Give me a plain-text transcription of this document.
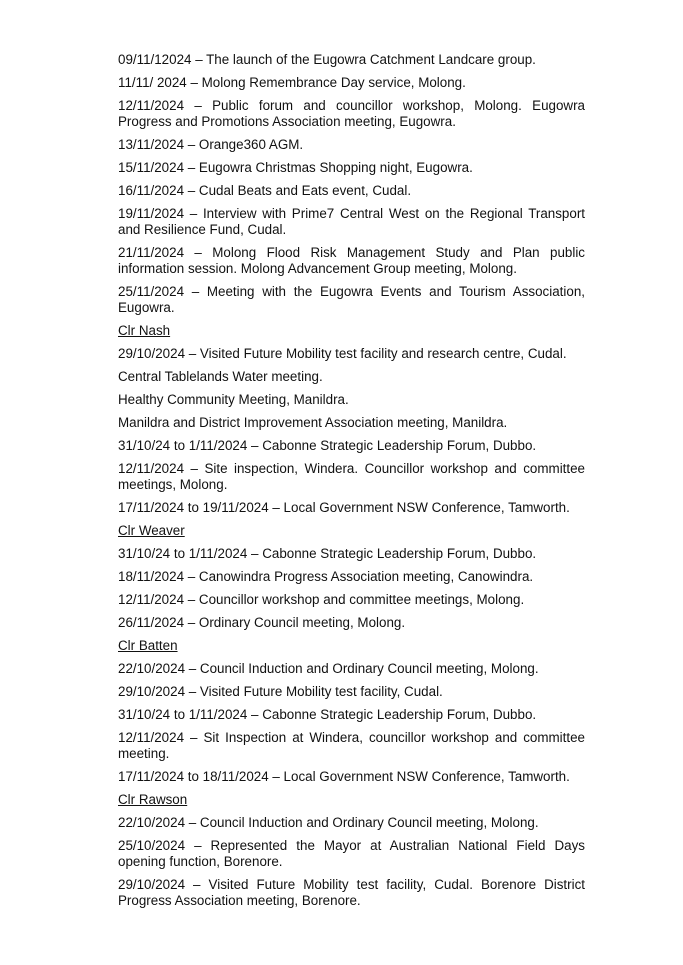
09/11/12024 – The launch of the Eugowra Catchment Landcare group.

11/11/ 2024 – Molong Remembrance Day service, Molong.

12/11/2024 – Public forum and councillor workshop, Molong. Eugowra Progress and Promotions Association meeting, Eugowra.

13/11/2024 – Orange360 AGM.

15/11/2024 – Eugowra Christmas Shopping night, Eugowra.

16/11/2024 – Cudal Beats and Eats event, Cudal.

19/11/2024 – Interview with Prime7 Central West on the Regional Transport and Resilience Fund, Cudal.

21/11/2024 – Molong Flood Risk Management Study and Plan public information session. Molong Advancement Group meeting, Molong.

25/11/2024 – Meeting with the Eugowra Events and Tourism Association, Eugowra.

Clr Nash

29/10/2024 – Visited Future Mobility test facility and research centre, Cudal.

Central Tablelands Water meeting.

Healthy Community Meeting, Manildra.

Manildra and District Improvement Association meeting, Manildra.

31/10/24 to 1/11/2024 – Cabonne Strategic Leadership Forum, Dubbo.

12/11/2024 – Site inspection, Windera. Councillor workshop and committee meetings, Molong.

17/11/2024 to 19/11/2024 – Local Government NSW Conference, Tamworth.

Clr Weaver

31/10/24 to 1/11/2024 – Cabonne Strategic Leadership Forum, Dubbo.

18/11/2024 – Canowindra Progress Association meeting, Canowindra.

12/11/2024 – Councillor workshop and committee meetings, Molong.

26/11/2024 – Ordinary Council meeting, Molong.

Clr Batten

22/10/2024 – Council Induction and Ordinary Council meeting, Molong.

29/10/2024 – Visited Future Mobility test facility, Cudal.

31/10/24 to 1/11/2024 – Cabonne Strategic Leadership Forum, Dubbo.

12/11/2024 – Sit Inspection at Windera, councillor workshop and committee meeting.

17/11/2024 to 18/11/2024 – Local Government NSW Conference, Tamworth.

Clr Rawson

22/10/2024 – Council Induction and Ordinary Council meeting, Molong.

25/10/2024 – Represented the Mayor at Australian National Field Days opening function, Borenore.

29/10/2024 – Visited Future Mobility test facility, Cudal. Borenore District Progress Association meeting, Borenore.
